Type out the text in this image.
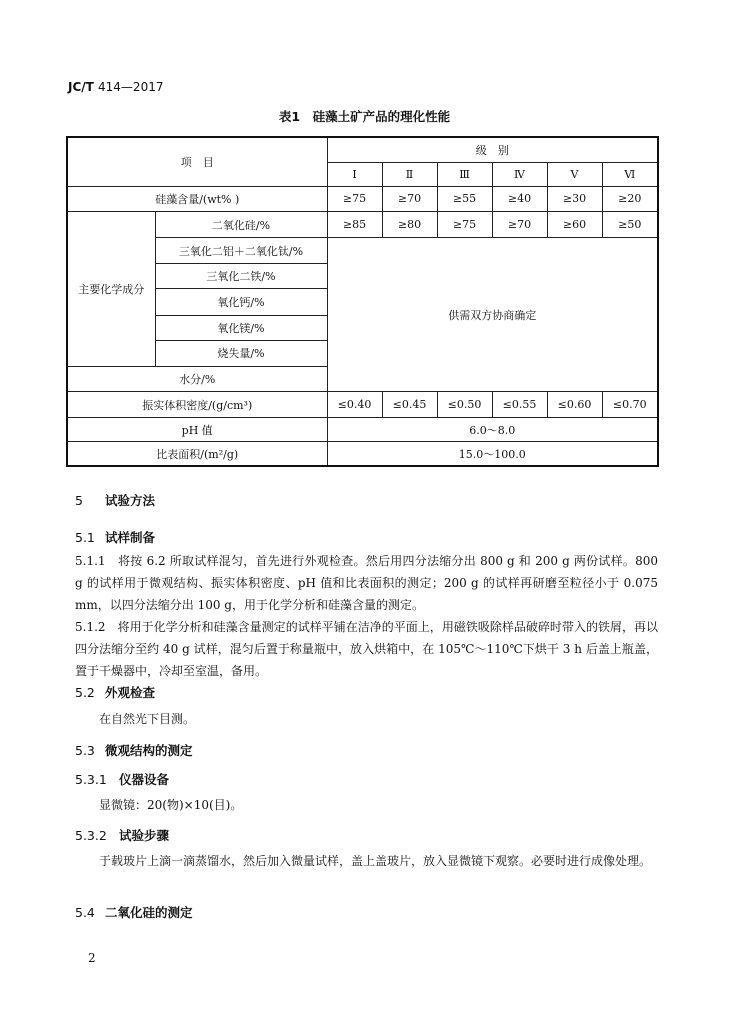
JC/T 414—2017
表1　硅藻土矿产品的理化性能
项　目		级　别					
		Ⅰ	Ⅱ	Ⅲ	Ⅳ	Ⅴ	Ⅵ
硅藻含量/(wt% )		≥75	≥70	≥55	≥40	≥30	≥20
主要化学成分	二氧化硅/%	≥85	≥80	≥75	≥70	≥60	≥50
	三氧化二铝＋二氧化钛/%	供需双方协商确定					
	三氧化二铁/%						
	氧化钙/%						
	氧化镁/%						
	烧失量/%						
水分/%							
振实体积密度/(g/cm³)		≤0.40	≤0.45	≤0.50	≤0.55	≤0.60	≤0.70
pH 值		6.0～8.0					
比表面积/(m²/g)		15.0～100.0					
5 试验方法
5.1 试样制备
5.1.1　将按 6.2 所取试样混匀，首先进行外观检查。然后用四分法缩分出 800 g 和 200 g 两份试样。800 g 的试样用于微观结构、振实体积密度、pH 值和比表面积的测定；200 g 的试样再研磨至粒径小于 0.075 mm，以四分法缩分出 100 g，用于化学分析和硅藻含量的测定。
5.1.2　将用于化学分析和硅藻含量测定的试样平铺在洁净的平面上，用磁铁吸除样品破碎时带入的铁屑，再以四分法缩分至约 40 g 试样，混匀后置于称量瓶中，放入烘箱中，在 105℃～110℃下烘干 3 h 后盖上瓶盖，置于干燥器中，冷却至室温，备用。
5.2 外观检查
在自然光下目测。
5.3 微观结构的测定
5.3.1 仪器设备
显微镜：20(物)×10(目)。
5.3.2 试验步骤
于载玻片上滴一滴蒸馏水，然后加入微量试样，盖上盖玻片，放入显微镜下观察。必要时进行成像处理。
5.4 二氧化硅的测定
2
